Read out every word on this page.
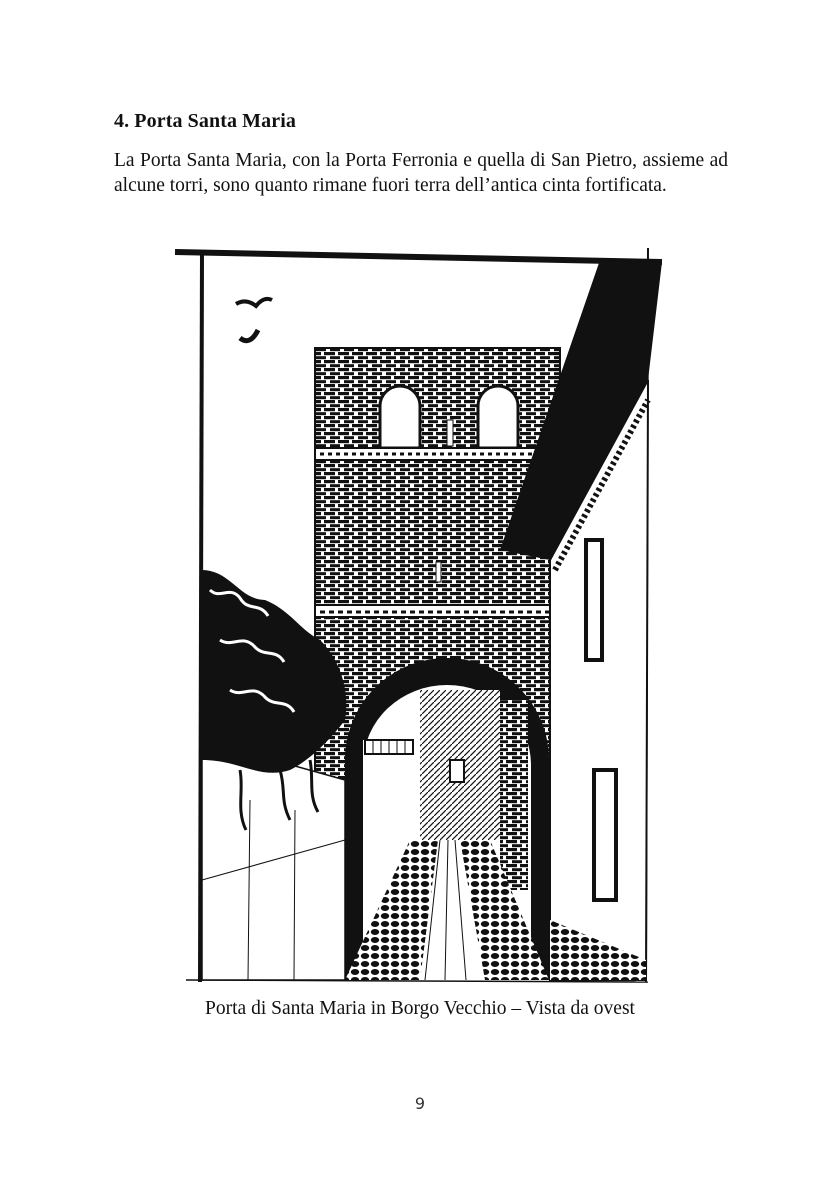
4. Porta Santa Maria

La Porta Santa Maria, con la Porta Ferronia e quella di San Pietro, assieme ad alcune torri, sono quanto rimane fuori terra dell’antica cinta fortificata.

Porta di Santa Maria in Borgo Vecchio – Vista da ovest

9
